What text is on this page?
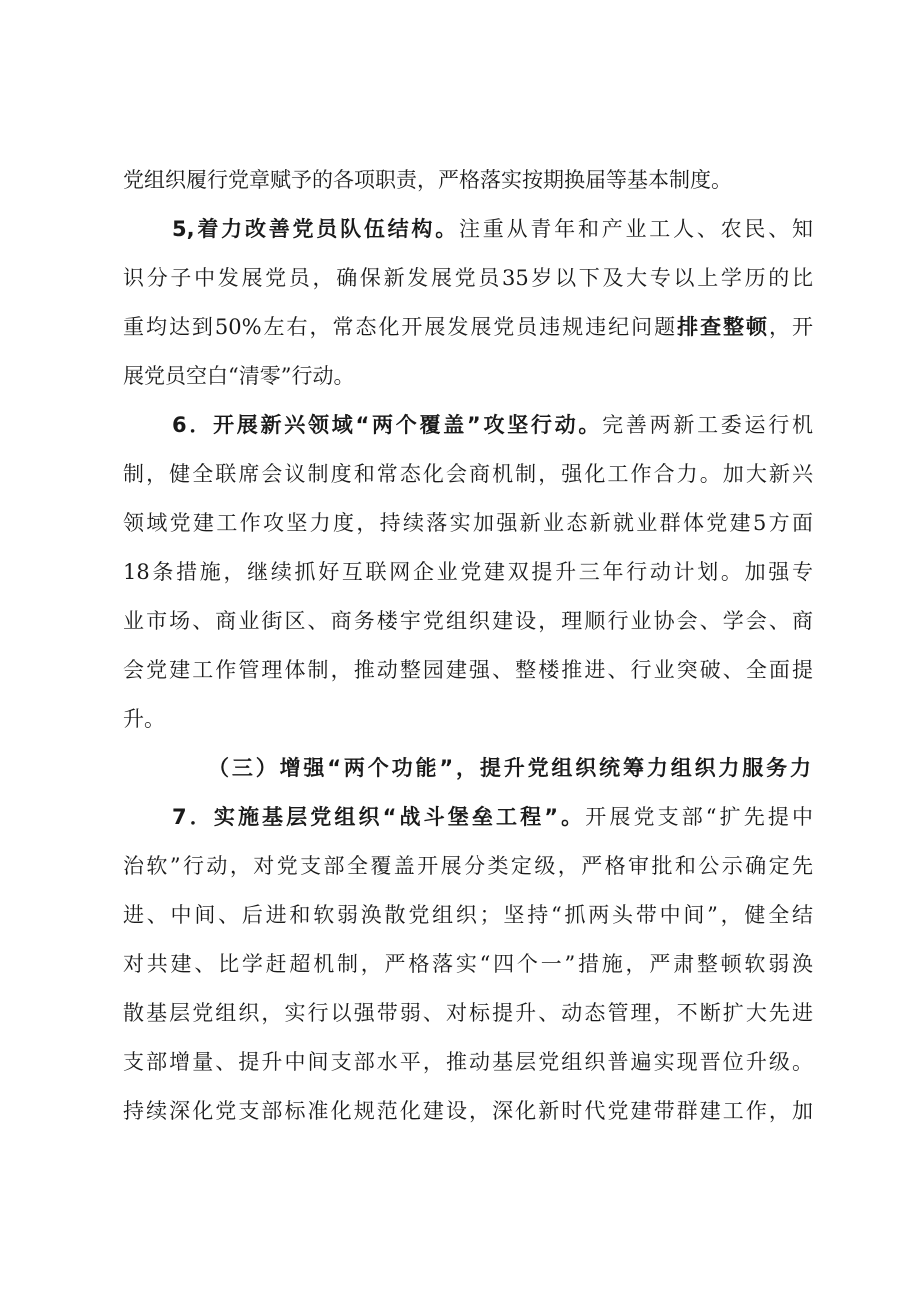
党组织履行党章赋予的各项职责，严格落实按期换届等基本制度。
5,着力改善党员队伍结构。注重从青年和产业工人、农民、知
识分子中发展党员，确保新发展党员35岁以下及大专以上学历的比
重均达到50%左右，常态化开展发展党员违规违纪问题排查整顿，开
展党员空白“清零”行动。
6．开展新兴领域“两个覆盖”攻坚行动。完善两新工委运行机
制，健全联席会议制度和常态化会商机制，强化工作合力。加大新兴
领域党建工作攻坚力度，持续落实加强新业态新就业群体党建5方面
18条措施，继续抓好互联网企业党建双提升三年行动计划。加强专
业市场、商业街区、商务楼宇党组织建设，理顺行业协会、学会、商
会党建工作管理体制，推动整园建强、整楼推进、行业突破、全面提
升。
（三）增强“两个功能”，提升党组织统筹力组织力服务力
7．实施基层党组织“战斗堡垒工程”。开展党支部“扩先提中
治软”行动，对党支部全覆盖开展分类定级，严格审批和公示确定先
进、中间、后进和软弱涣散党组织；坚持“抓两头带中间”，健全结
对共建、比学赶超机制，严格落实“四个一”措施，严肃整顿软弱涣
散基层党组织，实行以强带弱、对标提升、动态管理，不断扩大先进
支部增量、提升中间支部水平，推动基层党组织普遍实现晋位升级。
持续深化党支部标准化规范化建设，深化新时代党建带群建工作，加
